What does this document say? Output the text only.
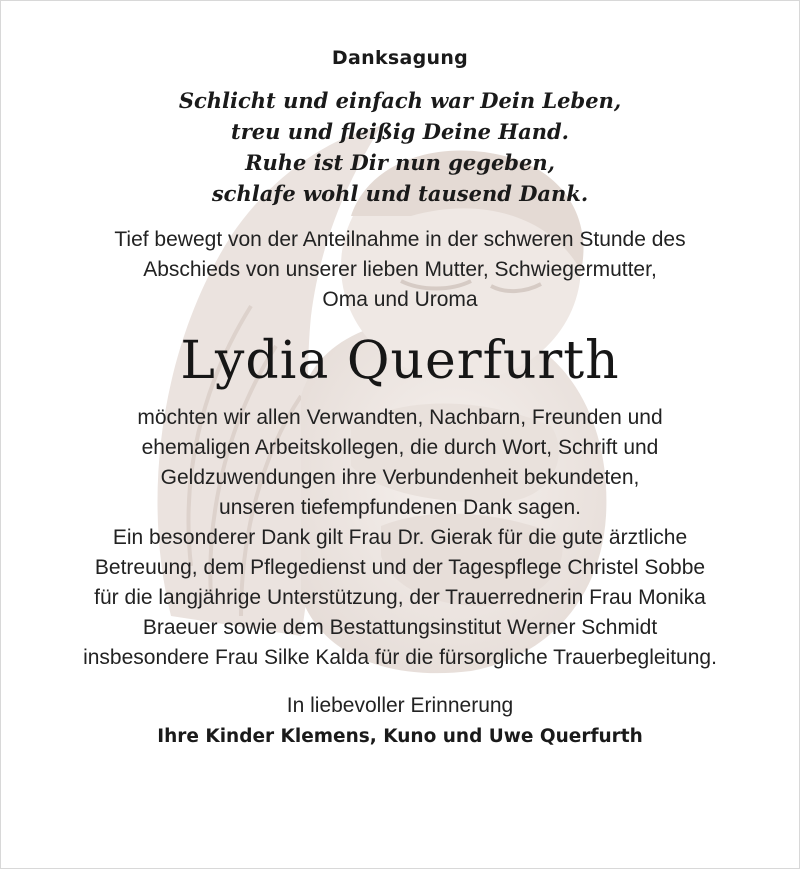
Danksagung
Schlicht und einfach war Dein Leben,
treu und fleißig Deine Hand.
Ruhe ist Dir nun gegeben,
schlafe wohl und tausend Dank.
Tief bewegt von der Anteilnahme in der schweren Stunde des
Abschieds von unserer lieben Mutter, Schwiegermutter,
Oma und Uroma
Lydia Querfurth
möchten wir allen Verwandten, Nachbarn, Freunden und
ehemaligen Arbeitskollegen, die durch Wort, Schrift und
Geldzuwendungen ihre Verbundenheit bekundeten,
unseren tiefempfundenen Dank sagen.
Ein besonderer Dank gilt Frau Dr. Gierak für die gute ärztliche
Betreuung, dem Pflegedienst und der Tagespflege Christel Sobbe
für die langjährige Unterstützung, der Trauerrednerin Frau Monika
Braeuer sowie dem Bestattungsinstitut Werner Schmidt
insbesondere Frau Silke Kalda für die fürsorgliche Trauerbegleitung.
In liebevoller Erinnerung
Ihre Kinder Klemens, Kuno und Uwe Querfurth
